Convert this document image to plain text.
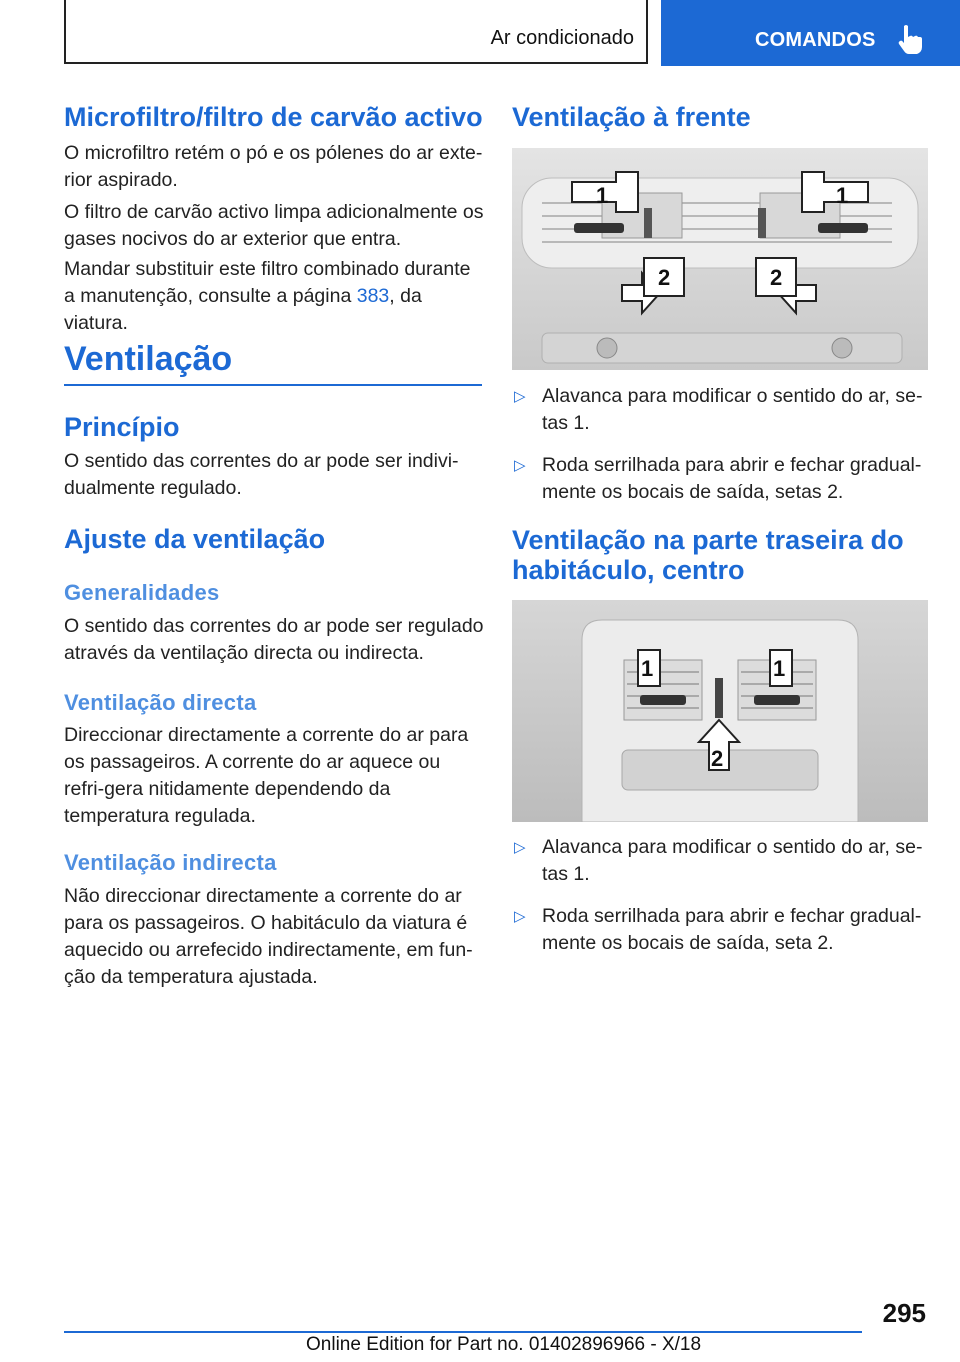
Ar condicionado	COMANDOS
Microfiltro/filtro de carvão activo

O microfiltro retém o pó e os pólenes do ar exte-rior aspirado.

O filtro de carvão activo limpa adicionalmente os gases nocivos do ar exterior que entra.

Mandar substituir este filtro combinado durante a manutenção, consulte a página 383, da viatura.

Ventilação
Princípio

O sentido das correntes do ar pode ser indivi-dualmente regulado.

Ajuste da ventilação
Generalidades

O sentido das correntes do ar pode ser regulado através da ventilação directa ou indirecta.

Ventilação directa

Direccionar directamente a corrente do ar para os passageiros. A corrente do ar aquece ou refri-gera nitidamente dependendo da temperatura regulada.

Ventilação indirecta

Não direccionar directamente a corrente do ar para os passageiros. O habitáculo da viatura é aquecido ou arrefecido indirectamente, em fun-ção da temperatura ajustada.

Ventilação à frente
1	1
2	2
▷ Alavanca para modificar o sentido do ar, se-tas 1.
▷ Roda serrilhada para abrir e fechar gradual-mente os bocais de saída, setas 2.
Ventilação na parte traseira do habitáculo, centro
1	1
2
▷ Alavanca para modificar o sentido do ar, se-tas 1.
▷ Roda serrilhada para abrir e fechar gradual-mente os bocais de saída, seta 2.
295
Online Edition for Part no. 01402896966 - X/18
